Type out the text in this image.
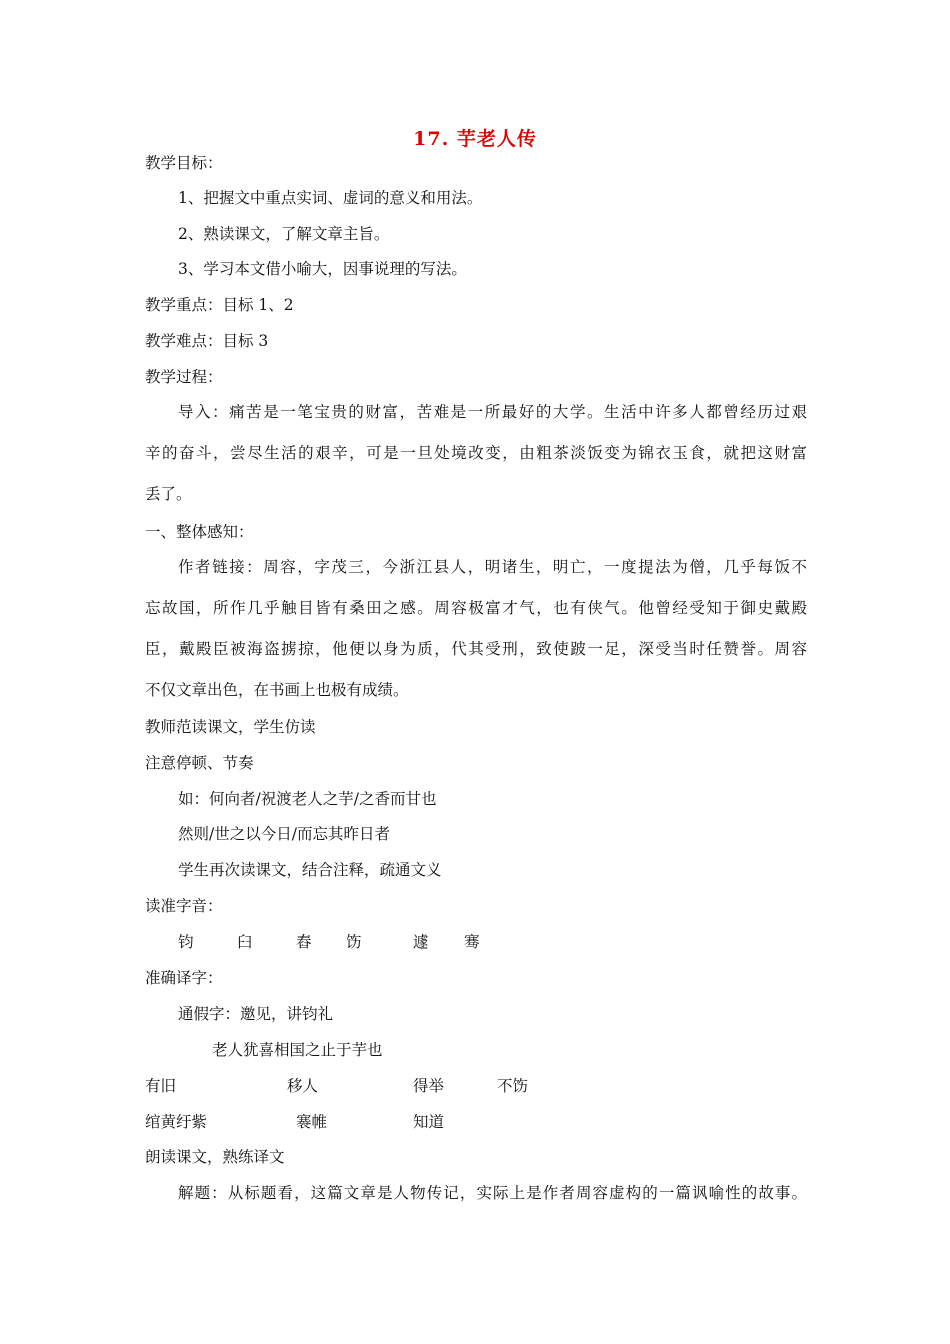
17. 芋老人传
教学目标：
1、把握文中重点实词、虚词的意义和用法。
2、熟读课文，了解文章主旨。
3、学习本文借小喻大，因事说理的写法。
教学重点：目标 1、2
教学难点：目标 3
教学过程：
导入：痛苦是一笔宝贵的财富，苦难是一所最好的大学。生活中许多人都曾经历过艰
辛的奋斗，尝尽生活的艰辛，可是一旦处境改变，由粗茶淡饭变为锦衣玉食，就把这财富
丢了。
一、整体感知：
作者链接：周容，字茂三，今浙江县人，明诸生，明亡，一度提法为僧，几乎每饭不
忘故国，所作几乎触目皆有桑田之感。周容极富才气，也有侠气。他曾经受知于御史戴殿
臣，戴殿臣被海盗掳掠，他便以身为质，代其受刑，致使跛一足，深受当时任赞誉。周容
不仅文章出色，在书画上也极有成绩。
教师范读课文，学生仿读
注意停顿、节奏
如：何向者/祝渡老人之芋/之香而甘也
然则/世之以今日/而忘其昨日者
学生再次读课文，结合注释，疏通文义
读准字音：
钧	臼	舂 饬	遽 骞
准确译字：
通假字：邀见，讲钧礼
老人犹喜相国之止于芋也
有旧	移人	得举	不饬
绾黄纡紫	褰帷	知道
朗读课文，熟练译文
解题：从标题看，这篇文章是人物传记，实际上是作者周容虚构的一篇讽喻性的故事。
